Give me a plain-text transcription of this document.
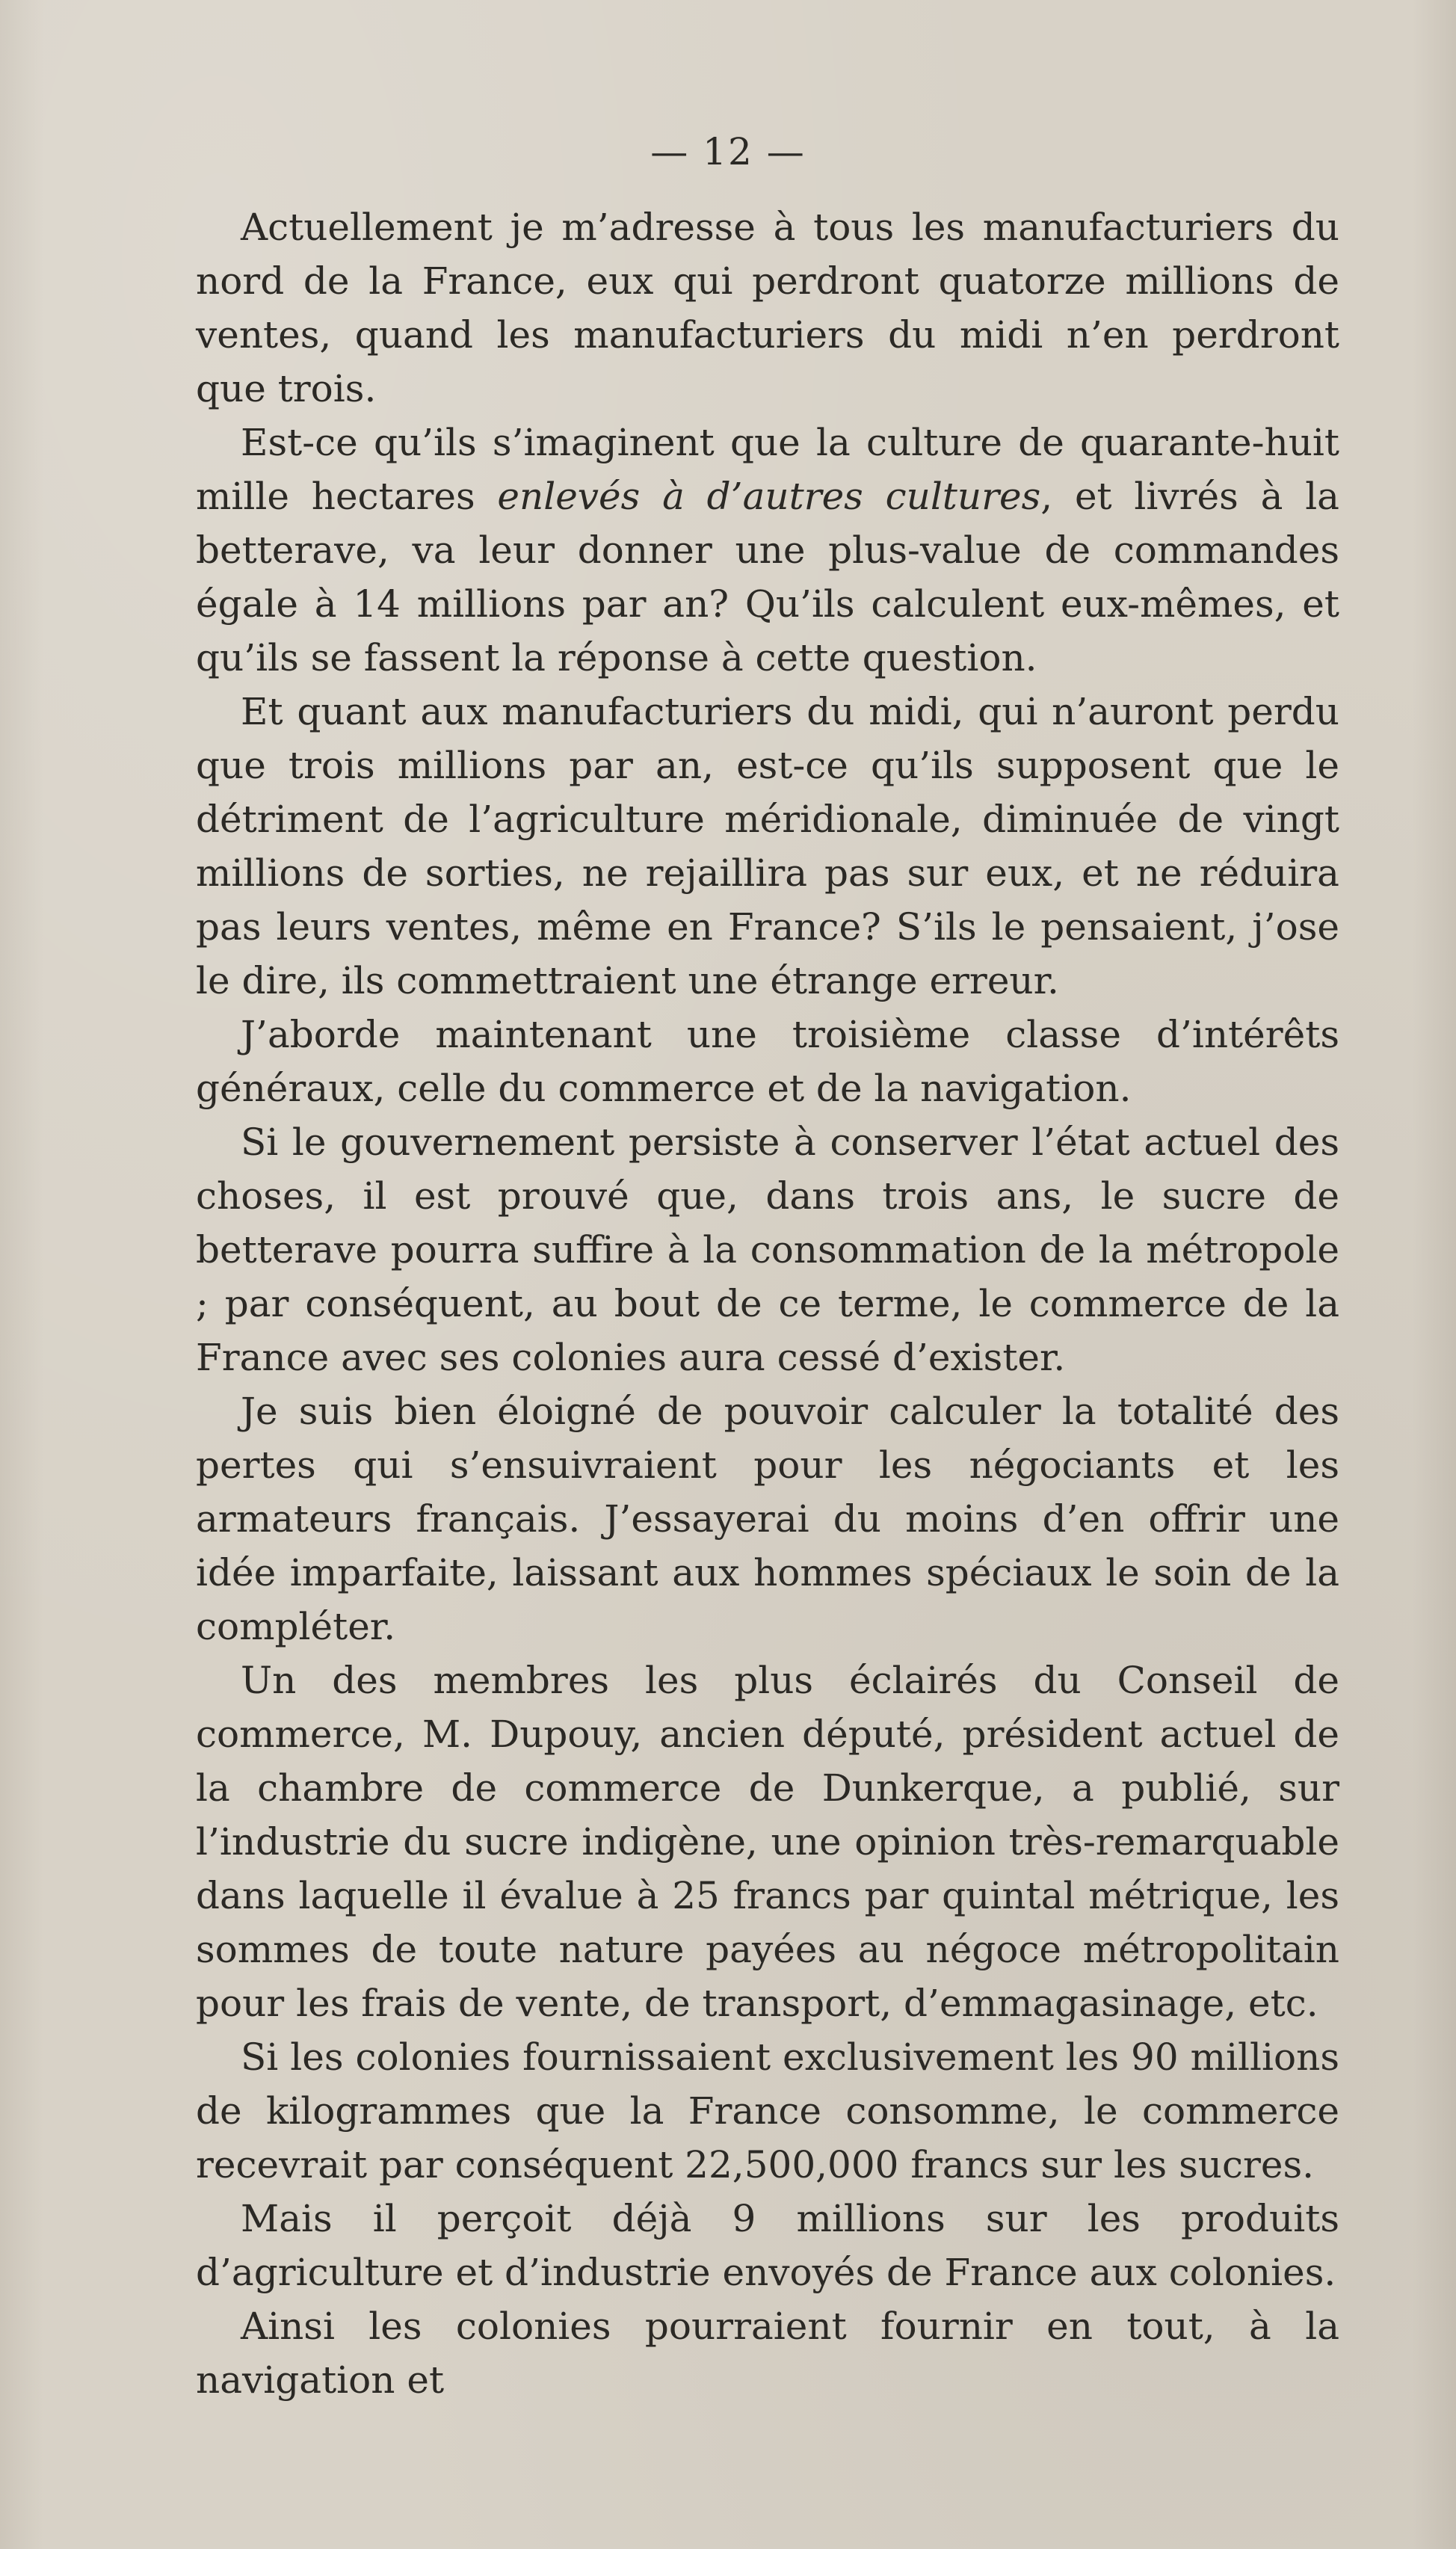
— 12 —

Actuellement je m’adresse à tous les manufacturiers du nord de la France, eux qui perdront quatorze millions de ventes, quand les manufacturiers du midi n’en perdront que trois.

Est-ce qu’ils s’imaginent que la culture de quarante-huit mille hectares enlevés à d’autres cultures, et livrés à la betterave, va leur donner une plus-value de commandes égale à 14 millions par an? Qu’ils calculent eux-mêmes, et qu’ils se fassent la réponse à cette question.

Et quant aux manufacturiers du midi, qui n’auront perdu que trois millions par an, est-ce qu’ils supposent que le détriment de l’agriculture méridionale, diminuée de vingt millions de sorties, ne rejaillira pas sur eux, et ne réduira pas leurs ventes, même en France? S’ils le pensaient, j’ose le dire, ils commettraient une étrange erreur.

J’aborde maintenant une troisième classe d’intérêts généraux, celle du commerce et de la navigation.

Si le gouvernement persiste à conserver l’état actuel des choses, il est prouvé que, dans trois ans, le sucre de betterave pourra suffire à la consommation de la métropole ; par conséquent, au bout de ce terme, le commerce de la France avec ses colonies aura cessé d’exister.

Je suis bien éloigné de pouvoir calculer la totalité des pertes qui s’ensuivraient pour les négociants et les armateurs français. J’essayerai du moins d’en offrir une idée imparfaite, laissant aux hommes spéciaux le soin de la compléter.

Un des membres les plus éclairés du Conseil de commerce, M. Dupouy, ancien député, président actuel de la chambre de commerce de Dunkerque, a publié, sur l’industrie du sucre indigène, une opinion très-remarquable dans laquelle il évalue à 25 francs par quintal métrique, les sommes de toute nature payées au négoce métropolitain pour les frais de vente, de transport, d’emmagasinage, etc.

Si les colonies fournissaient exclusivement les 90 millions de kilogrammes que la France consomme, le commerce recevrait par conséquent 22,500,000 francs sur les sucres.

Mais il perçoit déjà 9 millions sur les produits d’agriculture et d’industrie envoyés de France aux colonies.

Ainsi les colonies pourraient fournir en tout, à la navigation et
